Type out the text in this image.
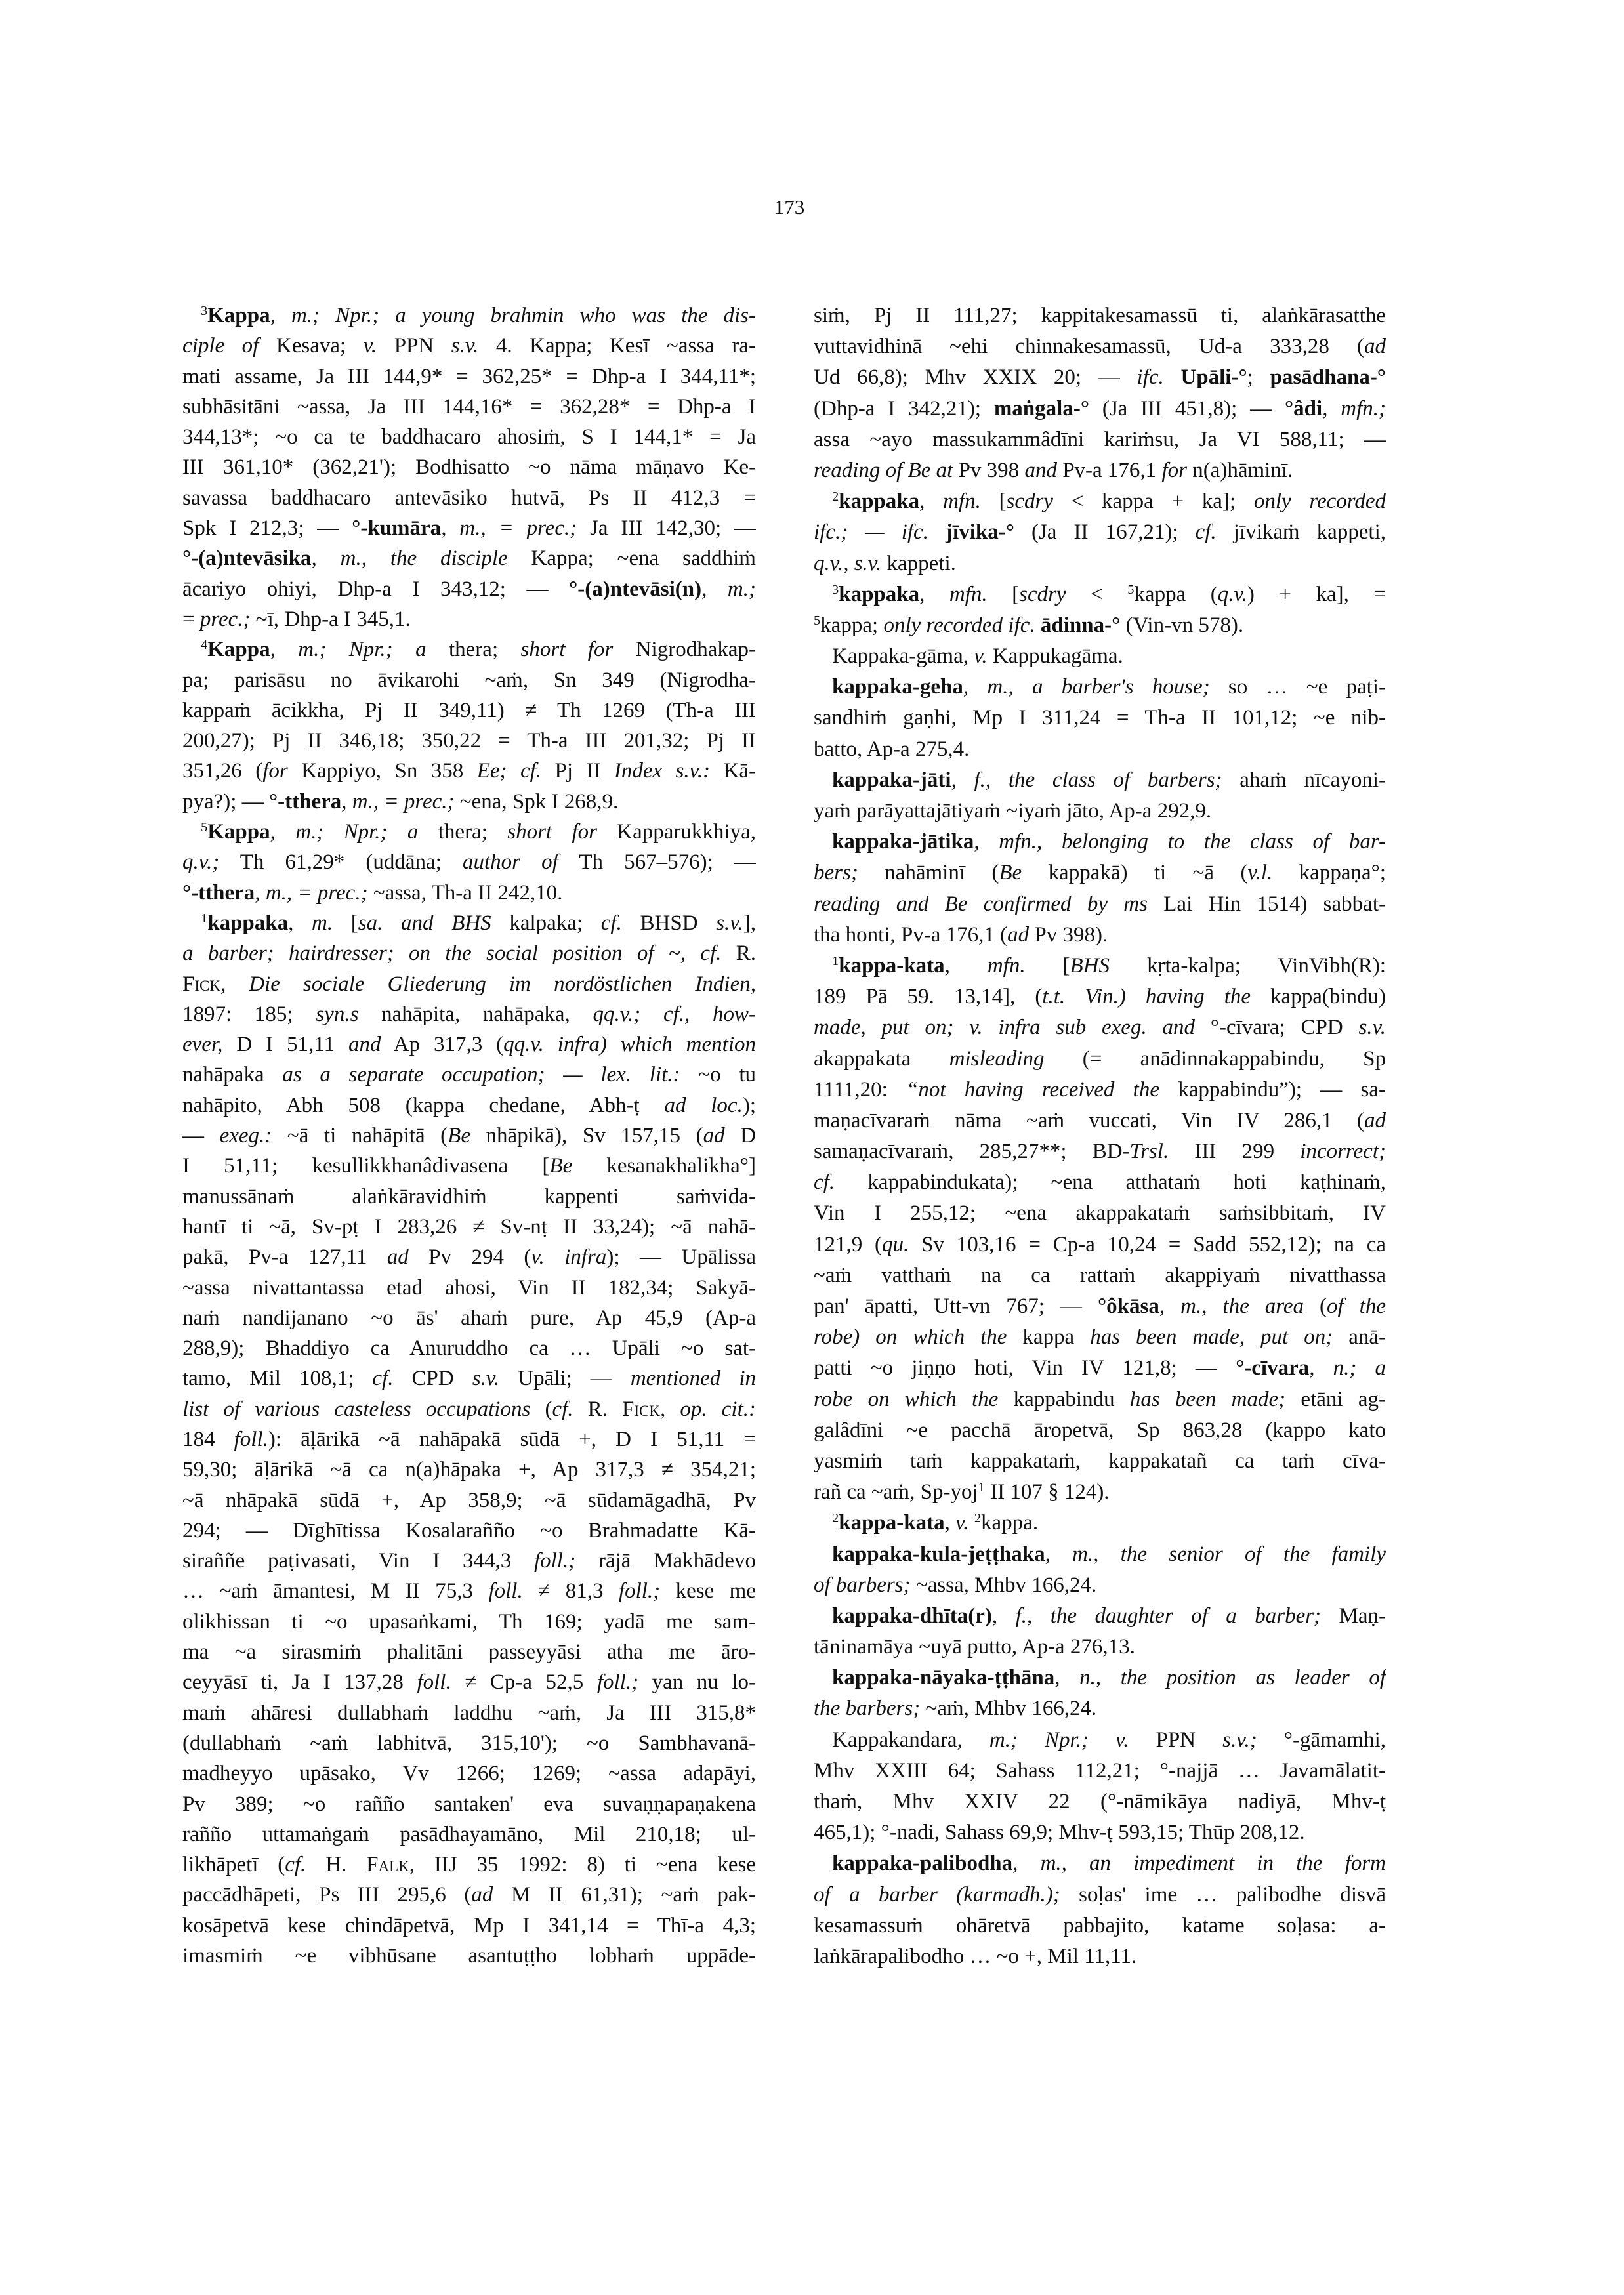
173
$^3$Kappa, m.; Npr.; a young brahmin who was the dis-
ciple of Kesava; v. PPN s.v. 4. Kappa; Kesī ~assa ra-
mati assame, Ja III 144,9* = 362,25* = Dhp-a I 344,11*;
subhāsitāni ~assa, Ja III 144,16* = 362,28* = Dhp-a I
344,13*; ~o ca te baddhacaro ahosiṁ, S I 144,1* = Ja
III 361,10* (362,21'); Bodhisatto ~o nāma māṇavo Ke-
savassa baddhacaro antevāsiko hutvā, Ps II 412,3 =
Spk I 212,3; — °-kumāra, m., = prec.; Ja III 142,30; —
°-(a)ntevāsika, m., the disciple Kappa; ~ena saddhiṁ
ācariyo ohiyi, Dhp-a I 343,12; — °-(a)ntevāsi(n), m.;
= prec.; ~ī, Dhp-a I 345,1.
$^4$Kappa, m.; Npr.; a thera; short for Nigrodhakap-
pa; parisāsu no āvikarohi ~aṁ, Sn 349 (Nigrodha-
kappaṁ ācikkha, Pj II 349,11) ≠ Th 1269 (Th-a III
200,27); Pj II 346,18; 350,22 = Th-a III 201,32; Pj II
351,26 (for Kappiyo, Sn 358 Ee; cf. Pj II Index s.v.: Kā-
pya?); — °-tthera, m., = prec.; ~ena, Spk I 268,9.
$^5$Kappa, m.; Npr.; a thera; short for Kapparukkhiya,
q.v.; Th 61,29* (uddāna; author of Th 567–576); —
°-tthera, m., = prec.; ~assa, Th-a II 242,10.
$^1$kappaka, m. [sa. and BHS kalpaka; cf. BHSD s.v.],
a barber; hairdresser; on the social position of ~, cf. R.
Fick, Die sociale Gliederung im nordöstlichen Indien,
1897: 185; syn.s nahāpita, nahāpaka, qq.v.; cf., how-
ever, D I 51,11 and Ap 317,3 (qq.v. infra) which mention
nahāpaka as a separate occupation; — lex. lit.: ~o tu
nahāpito, Abh 508 (kappa chedane, Abh-ṭ ad loc.);
— exeg.: ~ā ti nahāpitā (Be nhāpikā), Sv 157,15 (ad D
I 51,11; kesullikkhanâdivasena [Be kesanakhalikha°]
manussānaṁ alaṅkāravidhiṁ kappenti saṁvida-
hantī ti ~ā, Sv-pṭ I 283,26 ≠ Sv-nṭ II 33,24); ~ā nahā-
pakā, Pv-a 127,11 ad Pv 294 (v. infra); — Upālissa
~assa nivattantassa etad ahosi, Vin II 182,34; Sakyā-
naṁ nandijanano ~o ās' ahaṁ pure, Ap 45,9 (Ap-a
288,9); Bhaddiyo ca Anuruddho ca … Upāli ~o sat-
tamo, Mil 108,1; cf. CPD s.v. Upāli; — mentioned in
list of various casteless occupations (cf. R. Fick, op. cit.:
184 foll.): āḷārikā ~ā nahāpakā sūdā +, D I 51,11 =
59,30; āḷārikā ~ā ca n(a)hāpaka +, Ap 317,3 ≠ 354,21;
~ā nhāpakā sūdā +, Ap 358,9; ~ā sūdamāgadhā, Pv
294; — Dīghītissa Kosalarañño ~o Brahmadatte Kā-
siraññe paṭivasati, Vin I 344,3 foll.; rājā Makhādevo
… ~aṁ āmantesi, M II 75,3 foll. ≠ 81,3 foll.; kese me
olikhissan ti ~o upasaṅkami, Th 169; yadā me sam-
ma ~a sirasmiṁ phalitāni passeyyāsi atha me āro-
ceyyāsī ti, Ja I 137,28 foll. ≠ Cp-a 52,5 foll.; yan nu lo-
maṁ ahāresi dullabhaṁ laddhu ~aṁ, Ja III 315,8*
(dullabhaṁ ~aṁ labhitvā, 315,10'); ~o Sambhavanā-
madheyyo upāsako, Vv 1266; 1269; ~assa adapāyi,
Pv 389; ~o rañño santaken' eva suvaṇṇapaṇakena
rañño uttamaṅgaṁ pasādhayamāno, Mil 210,18; ul-
likhāpetī (cf. H. Falk, IIJ 35 1992: 8) ti ~ena kese
paccādhāpeti, Ps III 295,6 (ad M II 61,31); ~aṁ pak-
kosāpetvā kese chindāpetvā, Mp I 341,14 = Thī-a 4,3;
imasmiṁ ~e vibhūsane asantuṭṭho lobhaṁ uppāde-
siṁ, Pj II 111,27; kappitakesamassū ti, alaṅkārasatthe
vuttavidhinā ~ehi chinnakesamassū, Ud-a 333,28 (ad
Ud 66,8); Mhv XXIX 20; — ifc. Upāli-°; pasādhana-°
(Dhp-a I 342,21); maṅgala-° (Ja III 451,8); — °âdi, mfn.;
assa ~ayo massukammâdīni kariṁsu, Ja VI 588,11; —
reading of Be at Pv 398 and Pv-a 176,1 for n(a)hāminī.
$^2$kappaka, mfn. [scdry < kappa + ka]; only recorded
ifc.; — ifc. jīvika-° (Ja II 167,21); cf. jīvikaṁ kappeti,
q.v., s.v. kappeti.
$^3$kappaka, mfn. [scdry < $^5$kappa (q.v.) + ka], =
$^5$kappa; only recorded ifc. ādinna-° (Vin-vn 578).
Kappaka-gāma, v. Kappukagāma.
kappaka-geha, m., a barber's house; so … ~e paṭi-
sandhiṁ gaṇhi, Mp I 311,24 = Th-a II 101,12; ~e nib-
batto, Ap-a 275,4.
kappaka-jāti, f., the class of barbers; ahaṁ nīcayoni-
yaṁ parāyattajātiyaṁ ~iyaṁ jāto, Ap-a 292,9.
kappaka-jātika, mfn., belonging to the class of bar-
bers; nahāminī (Be kappakā) ti ~ā (v.l. kappaṇa°;
reading and Be confirmed by ms Lai Hin 1514) sabbat-
tha honti, Pv-a 176,1 (ad Pv 398).
$^1$kappa-kata, mfn. [BHS kṛta-kalpa; VinVibh(R):
189 Pā 59. 13,14], (t.t. Vin.) having the kappa(bindu)
made, put on; v. infra sub exeg. and °-cīvara; CPD s.v.
akappakata misleading (= anādinnakappabindu, Sp
1111,20: “not having received the kappabindu”); — sa-
maṇacīvaraṁ nāma ~aṁ vuccati, Vin IV 286,1 (ad
samaṇacīvaraṁ, 285,27**; BD-Trsl. III 299 incorrect;
cf. kappabindukata); ~ena atthataṁ hoti kaṭhinaṁ,
Vin I 255,12; ~ena akappakataṁ saṁsibbitaṁ, IV
121,9 (qu. Sv 103,16 = Cp-a 10,24 = Sadd 552,12); na ca
~aṁ vatthaṁ na ca rattaṁ akappiyaṁ nivatthassa
pan' āpatti, Utt-vn 767; — °ôkāsa, m., the area (of the
robe) on which the kappa has been made, put on; anā-
patti ~o jiṇṇo hoti, Vin IV 121,8; — °-cīvara, n.; a
robe on which the kappabindu has been made; etāni ag-
galâdīni ~e pacchā āropetvā, Sp 863,28 (kappo kato
yasmiṁ taṁ kappakataṁ, kappakatañ ca taṁ cīva-
rañ ca ~aṁ, Sp-yoj$^1$ II 107 § 124).
$^2$kappa-kata, v. $^2$kappa.
kappaka-kula-jeṭṭhaka, m., the senior of the family
of barbers; ~assa, Mhbv 166,24.
kappaka-dhīta(r), f., the daughter of a barber; Maṇ-
tāninamāya ~uyā putto, Ap-a 276,13.
kappaka-nāyaka-ṭṭhāna, n., the position as leader of
the barbers; ~aṁ, Mhbv 166,24.
Kappakandara, m.; Npr.; v. PPN s.v.; °-gāmamhi,
Mhv XXIII 64; Sahass 112,21; °-najjā … Javamālatit-
thaṁ, Mhv XXIV 22 (°-nāmikāya nadiyā, Mhv-ṭ
465,1); °-nadi, Sahass 69,9; Mhv-ṭ 593,15; Thūp 208,12.
kappaka-palibodha, m., an impediment in the form
of a barber (karmadh.); soḷas' ime … palibodhe disvā
kesamassuṁ ohāretvā pabbajito, katame soḷasa: a-
laṅkārapalibodho … ~o +, Mil 11,11.
